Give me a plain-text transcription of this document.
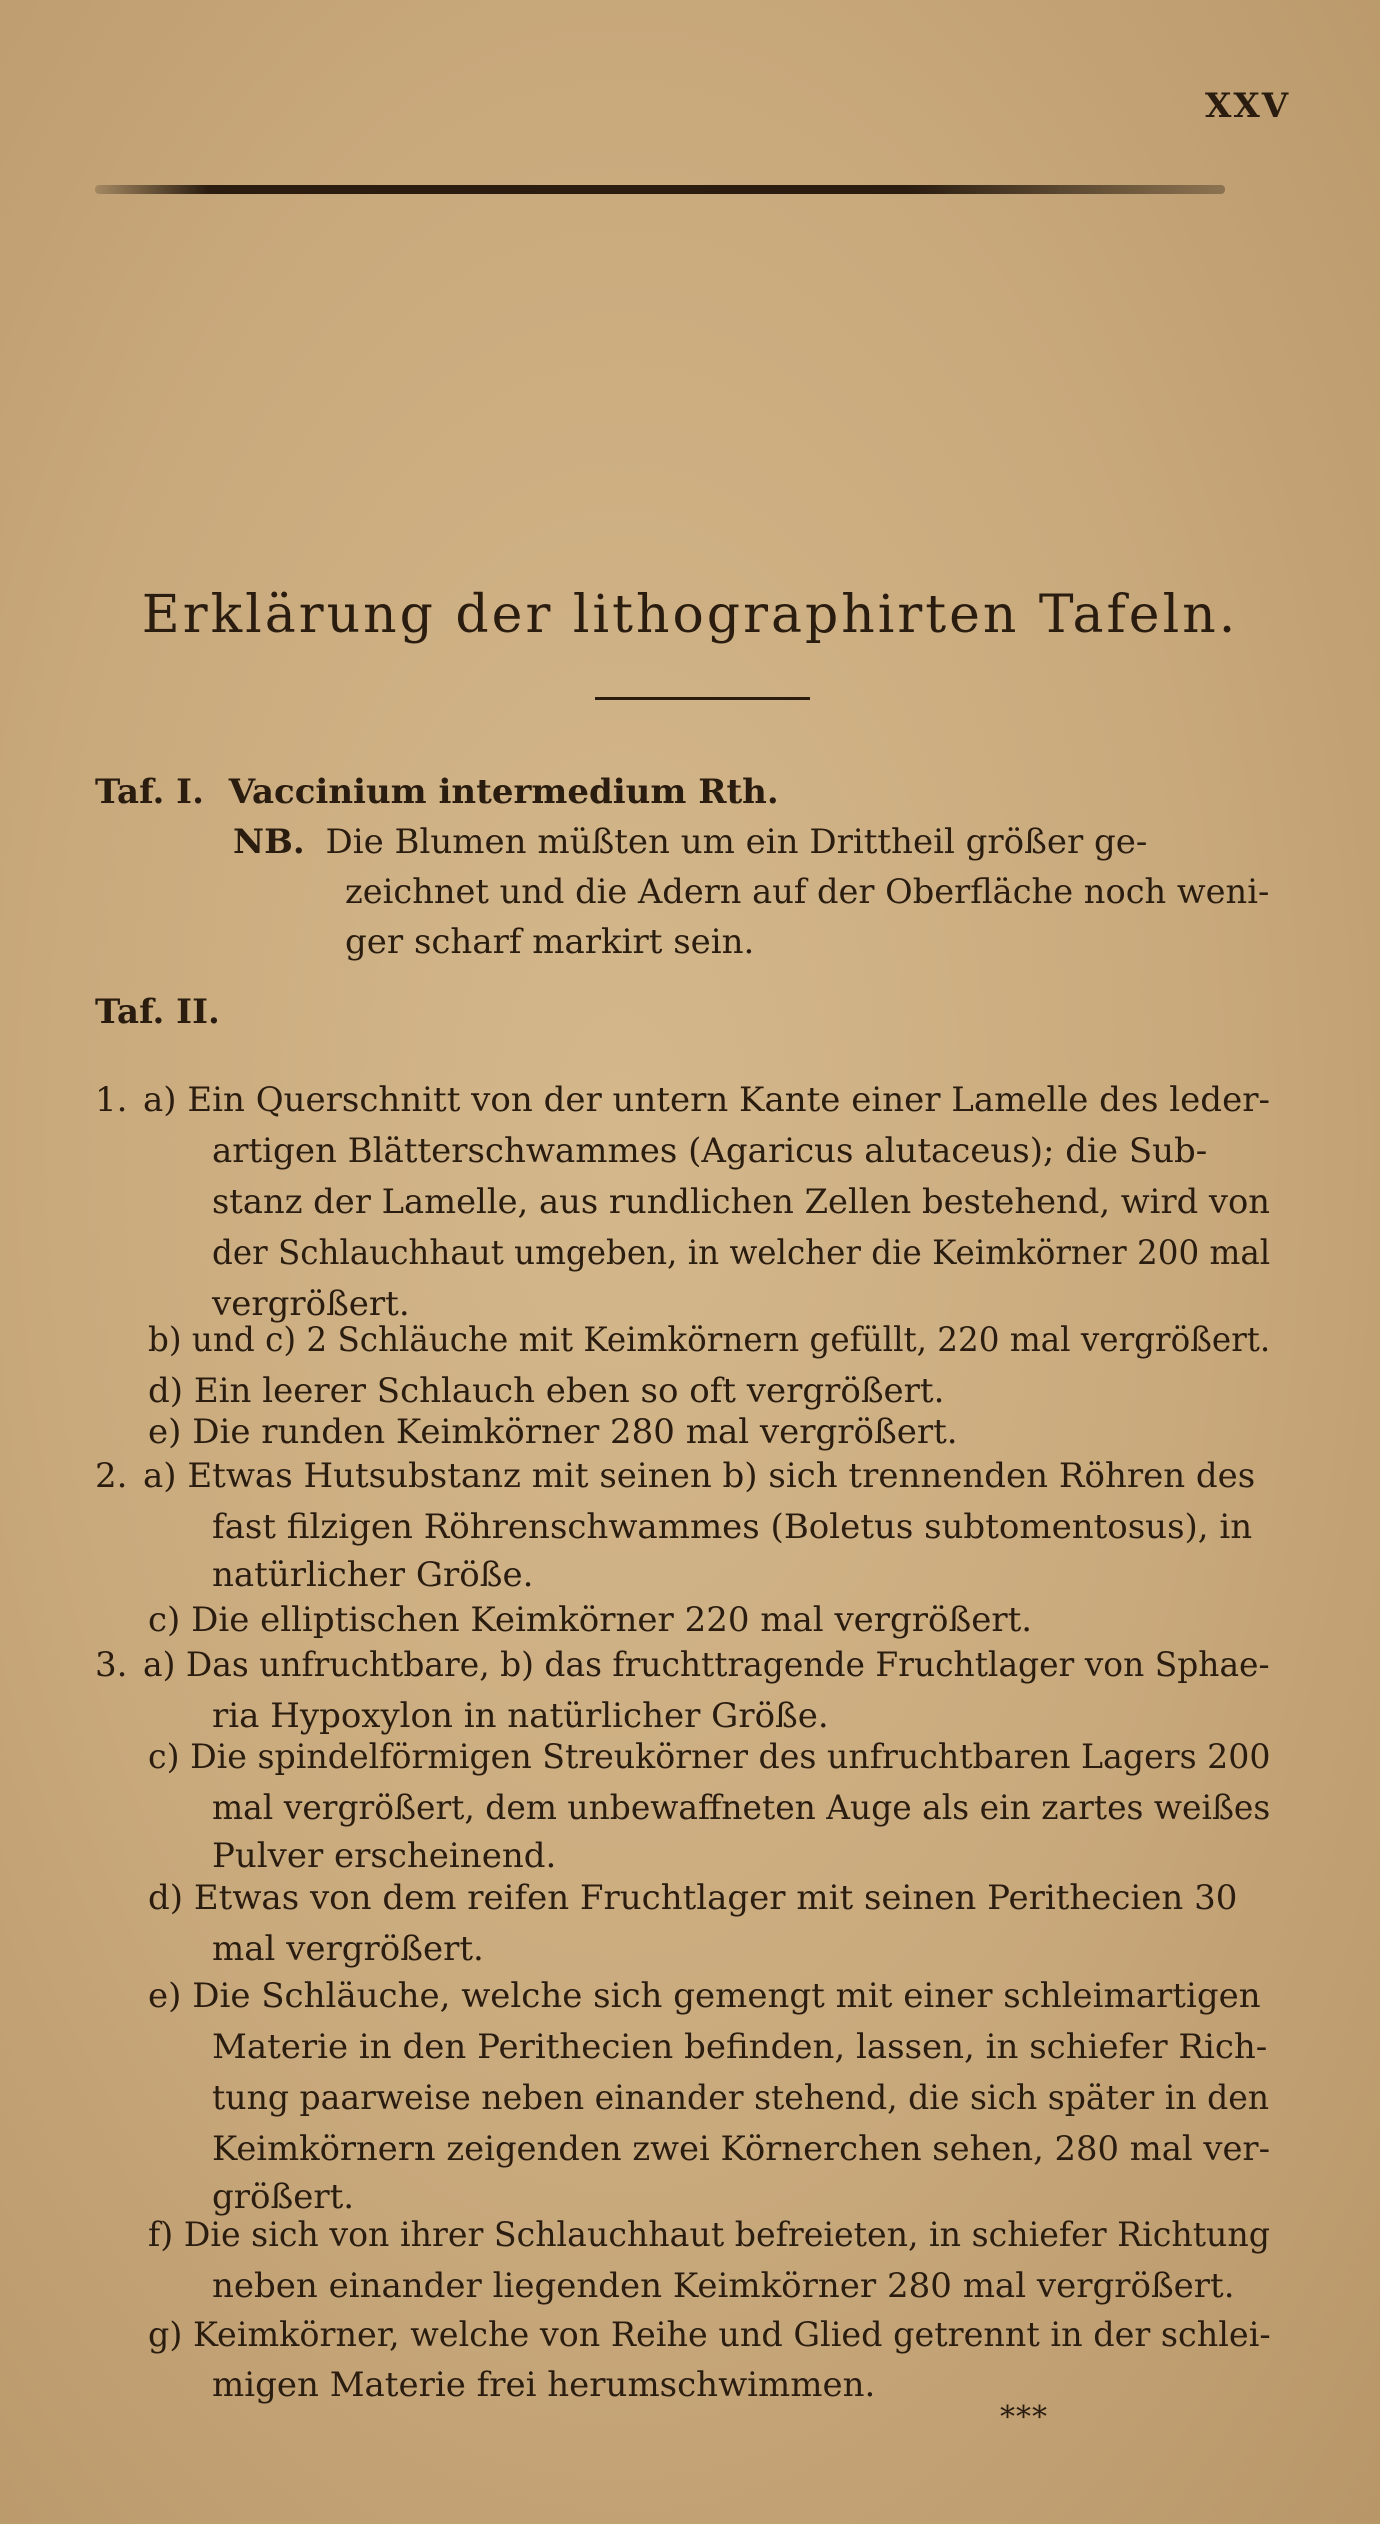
XXV
Erklärung der lithographirten Tafeln.
Taf. I. Vaccinium intermedium Rth.
NB. Die Blumen müßten um ein Drittheil größer ge-
zeichnet und die Adern auf der Oberfläche noch weni-
ger scharf markirt sein.
Taf. II.
1. a) Ein Querschnitt von der untern Kante einer Lamelle des leder-
artigen Blätterschwammes (Agaricus alutaceus); die Sub-
stanz der Lamelle, aus rundlichen Zellen bestehend, wird von
der Schlauchhaut umgeben, in welcher die Keimkörner 200 mal
vergrößert.
b) und c) 2 Schläuche mit Keimkörnern gefüllt, 220 mal vergrößert.
d) Ein leerer Schlauch eben so oft vergrößert.
e) Die runden Keimkörner 280 mal vergrößert.
2. a) Etwas Hutsubstanz mit seinen b) sich trennenden Röhren des
fast filzigen Röhrenschwammes (Boletus subtomentosus), in
natürlicher Größe.
c) Die elliptischen Keimkörner 220 mal vergrößert.
3. a) Das unfruchtbare, b) das fruchttragende Fruchtlager von Sphae-
ria Hypoxylon in natürlicher Größe.
c) Die spindelförmigen Streukörner des unfruchtbaren Lagers 200
mal vergrößert, dem unbewaffneten Auge als ein zartes weißes
Pulver erscheinend.
d) Etwas von dem reifen Fruchtlager mit seinen Perithecien 30
mal vergrößert.
e) Die Schläuche, welche sich gemengt mit einer schleimartigen
Materie in den Perithecien befinden, lassen, in schiefer Rich-
tung paarweise neben einander stehend, die sich später in den
Keimkörnern zeigenden zwei Körnerchen sehen, 280 mal ver-
größert.
f) Die sich von ihrer Schlauchhaut befreieten, in schiefer Richtung
neben einander liegenden Keimkörner 280 mal vergrößert.
g) Keimkörner, welche von Reihe und Glied getrennt in der schlei-
migen Materie frei herumschwimmen.
***
